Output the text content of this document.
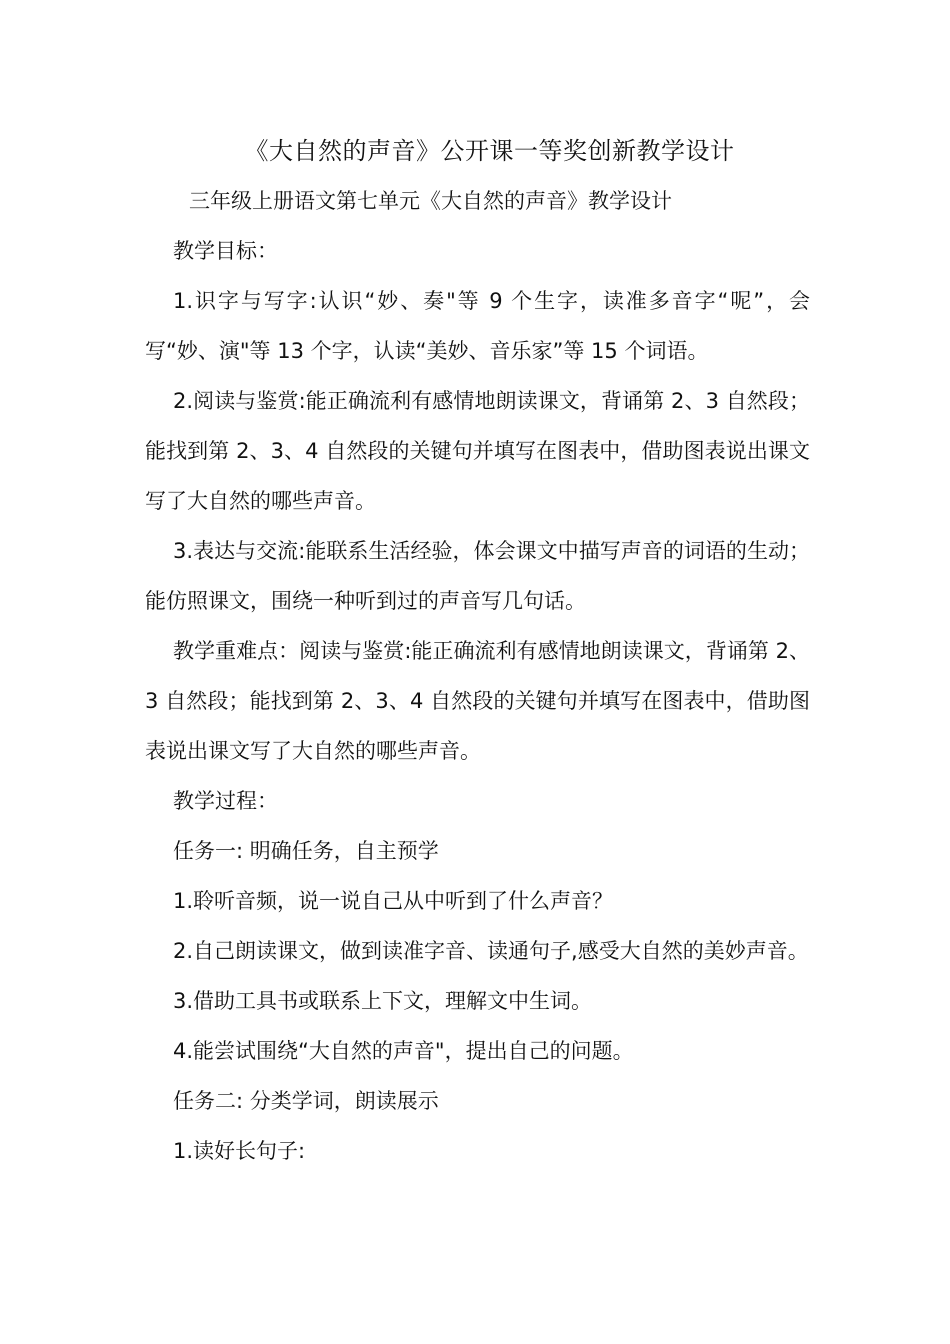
《大自然的声音》公开课一等奖创新教学设计

三年级上册语文第七单元《大自然的声音》教学设计

教学目标：

1.识字与写字:认识“妙、奏"等 9 个生字，读准多音字“呢”，会写“妙、演"等 13 个字，认读“美妙、音乐家”等 15 个词语。

2.阅读与鉴赏:能正确流利有感情地朗读课文，背诵第 2、3 自然段；能找到第 2、3、4 自然段的关键句并填写在图表中，借助图表说出课文写了大自然的哪些声音。

3.表达与交流:能联系生活经验，体会课文中描写声音的词语的生动；能仿照课文，围绕一种听到过的声音写几句话。

教学重难点：阅读与鉴赏:能正确流利有感情地朗读课文，背诵第 2、3 自然段；能找到第 2、3、4 自然段的关键句并填写在图表中，借助图表说出课文写了大自然的哪些声音。

教学过程：

任务一: 明确任务，自主预学

1.聆听音频，说一说自己从中听到了什么声音？

2.自己朗读课文，做到读准字音、读通句子,感受大自然的美妙声音。

3.借助工具书或联系上下文，理解文中生词。

4.能尝试围绕“大自然的声音"，提出自己的问题。

任务二: 分类学词，朗读展示

1.读好长句子:
